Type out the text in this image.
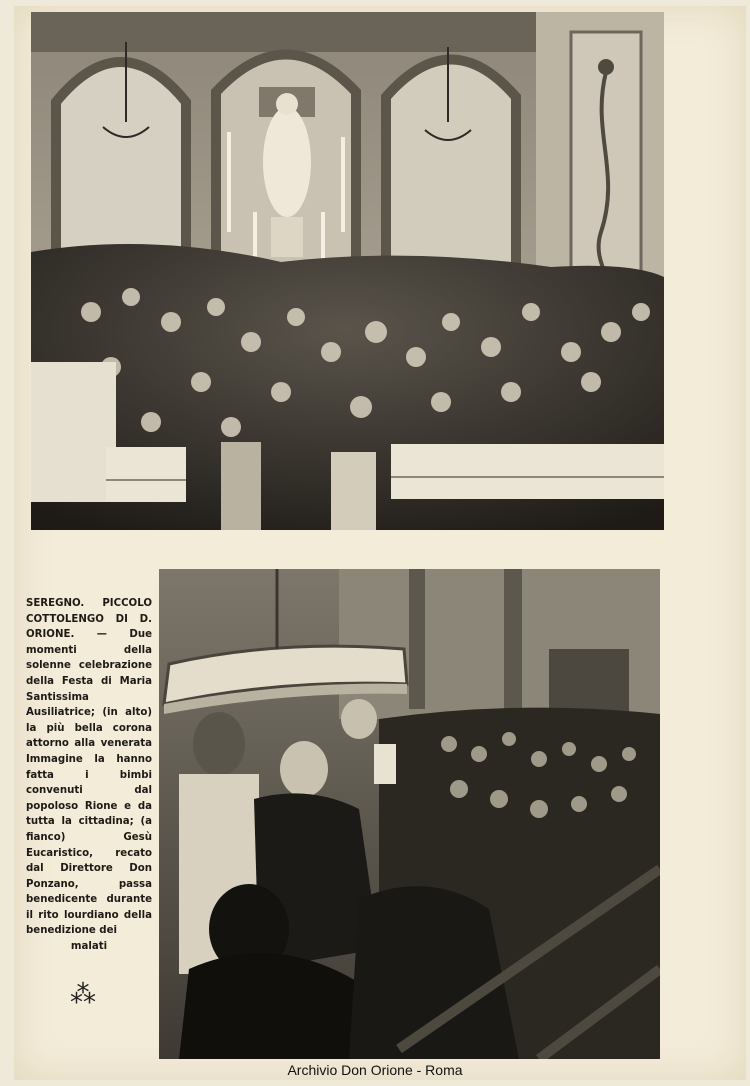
SEREGNO. PICCOLO COTTOLENGO DI D. ORIONE. — Due momenti della solenne celebrazione della Festa di Maria Santissima Ausiliatrice; (in alto) la più bella corona attorno alla venerata Immagine la hanno fatta i bimbi convenuti dal popoloso Rione e da tutta la cittadina; (a fianco) Gesù Eucaristico, recato dal Direttore Don Ponzano, passa benedicente durante il rito lourdiano della benedizione dei
malati
⁂
Archivio Don Orione - Roma
